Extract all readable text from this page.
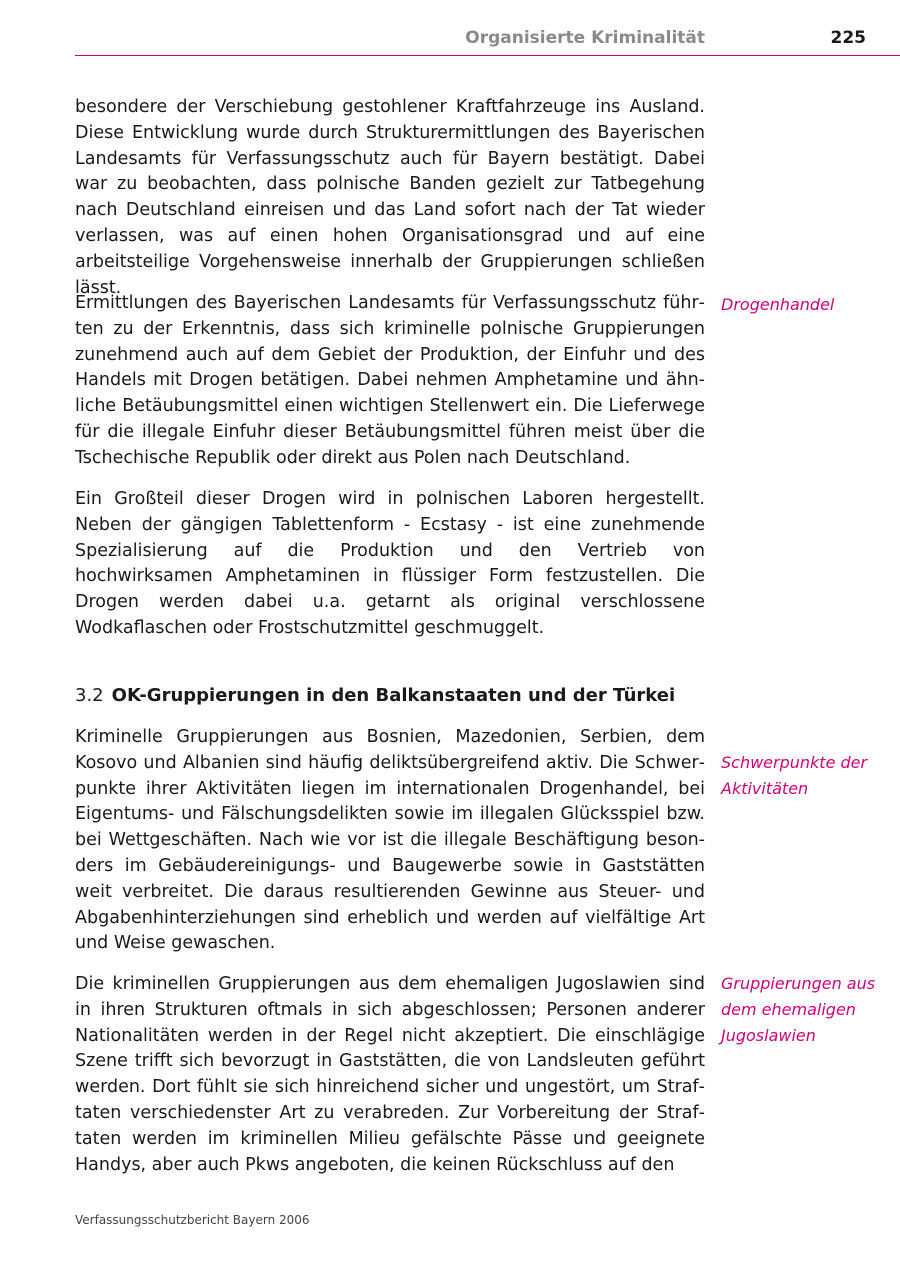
Organisierte Kriminalität	225

besondere der Verschiebung gestohlener Kraftfahrzeuge ins Ausland. Diese Entwicklung wurde durch Strukturermittlungen des Bayerischen Landesamts für Verfassungsschutz auch für Bayern bestätigt. Dabei war zu beobachten, dass polnische Banden gezielt zur Tatbegehung nach Deutschland einreisen und das Land sofort nach der Tat wieder verlassen, was auf einen hohen Organisationsgrad und auf eine arbeitsteilige Vorgehensweise innerhalb der Gruppierungen schließen lässt.

Ermittlungen des Bayerischen Landesamts für Verfassungsschutz führten zu der Erkenntnis, dass sich kriminelle polnische Gruppierungen zunehmend auch auf dem Gebiet der Produktion, der Einfuhr und des Handels mit Drogen betätigen. Dabei nehmen Amphetamine und ähnliche Betäubungsmittel einen wichtigen Stellenwert ein. Die Lieferwege für die illegale Einfuhr dieser Betäubungsmittel führen meist über die Tschechische Republik oder direkt aus Polen nach Deutschland.

Ein Großteil dieser Drogen wird in polnischen Laboren hergestellt. Neben der gängigen Tablettenform - Ecstasy - ist eine zunehmende Spezialisierung auf die Produktion und den Vertrieb von hochwirksamen Amphetaminen in flüssiger Form festzustellen. Die Drogen werden dabei u.a. getarnt als original verschlossene Wodkaflaschen oder Frostschutzmittel geschmuggelt.

Kriminelle Gruppierungen aus Bosnien, Mazedonien, Serbien, dem Kosovo und Albanien sind häufig deliktsübergreifend aktiv. Die Schwerpunkte ihrer Aktivitäten liegen im internationalen Drogenhandel, bei Eigentums- und Fälschungsdelikten sowie im illegalen Glücksspiel bzw. bei Wettgeschäften. Nach wie vor ist die illegale Beschäftigung besonders im Gebäudereinigungs- und Baugewerbe sowie in Gaststätten weit verbreitet. Die daraus resultierenden Gewinne aus Steuer- und Abgabenhinterziehungen sind erheblich und werden auf vielfältige Art und Weise gewaschen.

Die kriminellen Gruppierungen aus dem ehemaligen Jugoslawien sind in ihren Strukturen oftmals in sich abgeschlossen; Personen anderer Nationalitäten werden in der Regel nicht akzeptiert. Die einschlägige Szene trifft sich bevorzugt in Gaststätten, die von Landsleuten geführt werden. Dort fühlt sie sich hinreichend sicher und ungestört, um Straftaten verschiedenster Art zu verabreden. Zur Vorbereitung der Straftaten werden im kriminellen Milieu gefälschte Pässe und geeignete Handys, aber auch Pkws angeboten, die keinen Rückschluss auf den

3.2 OK-Gruppierungen in den Balkanstaaten und der Türkei

Drogenhandel

Schwerpunkte der Aktivitäten

Gruppierungen aus dem ehemaligen Jugoslawien

Verfassungsschutzbericht Bayern 2006
